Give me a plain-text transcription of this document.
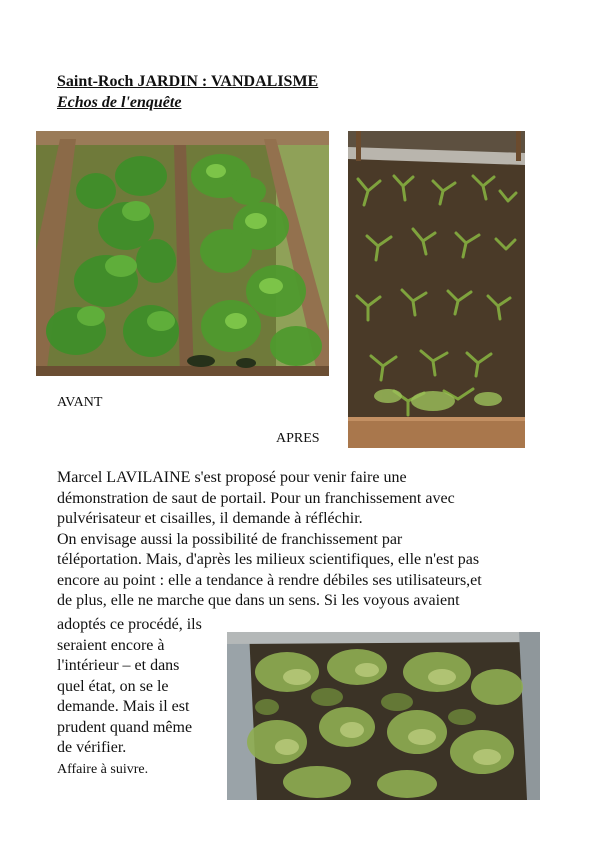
Saint-Roch JARDIN : VANDALISME
Echos de l'enquête
AVANT
APRES

Marcel LAVILAINE s'est proposé pour venir faire une
démonstration de saut de portail. Pour un franchissement avec
pulvérisateur et cisailles, il demande à réfléchir.
On envisage aussi la possibilité de franchissement par
téléportation. Mais, d'après les milieux scientifiques, elle n'est pas
encore au point : elle a tendance à rendre débiles ses utilisateurs,et
de plus, elle ne marche que dans un sens. Si les voyous avaient

adoptés ce procédé, ils
seraient encore à
l'intérieur – et dans
quel état, on se le
demande. Mais il est
prudent quand même
de vérifier.

Affaire à suivre.
